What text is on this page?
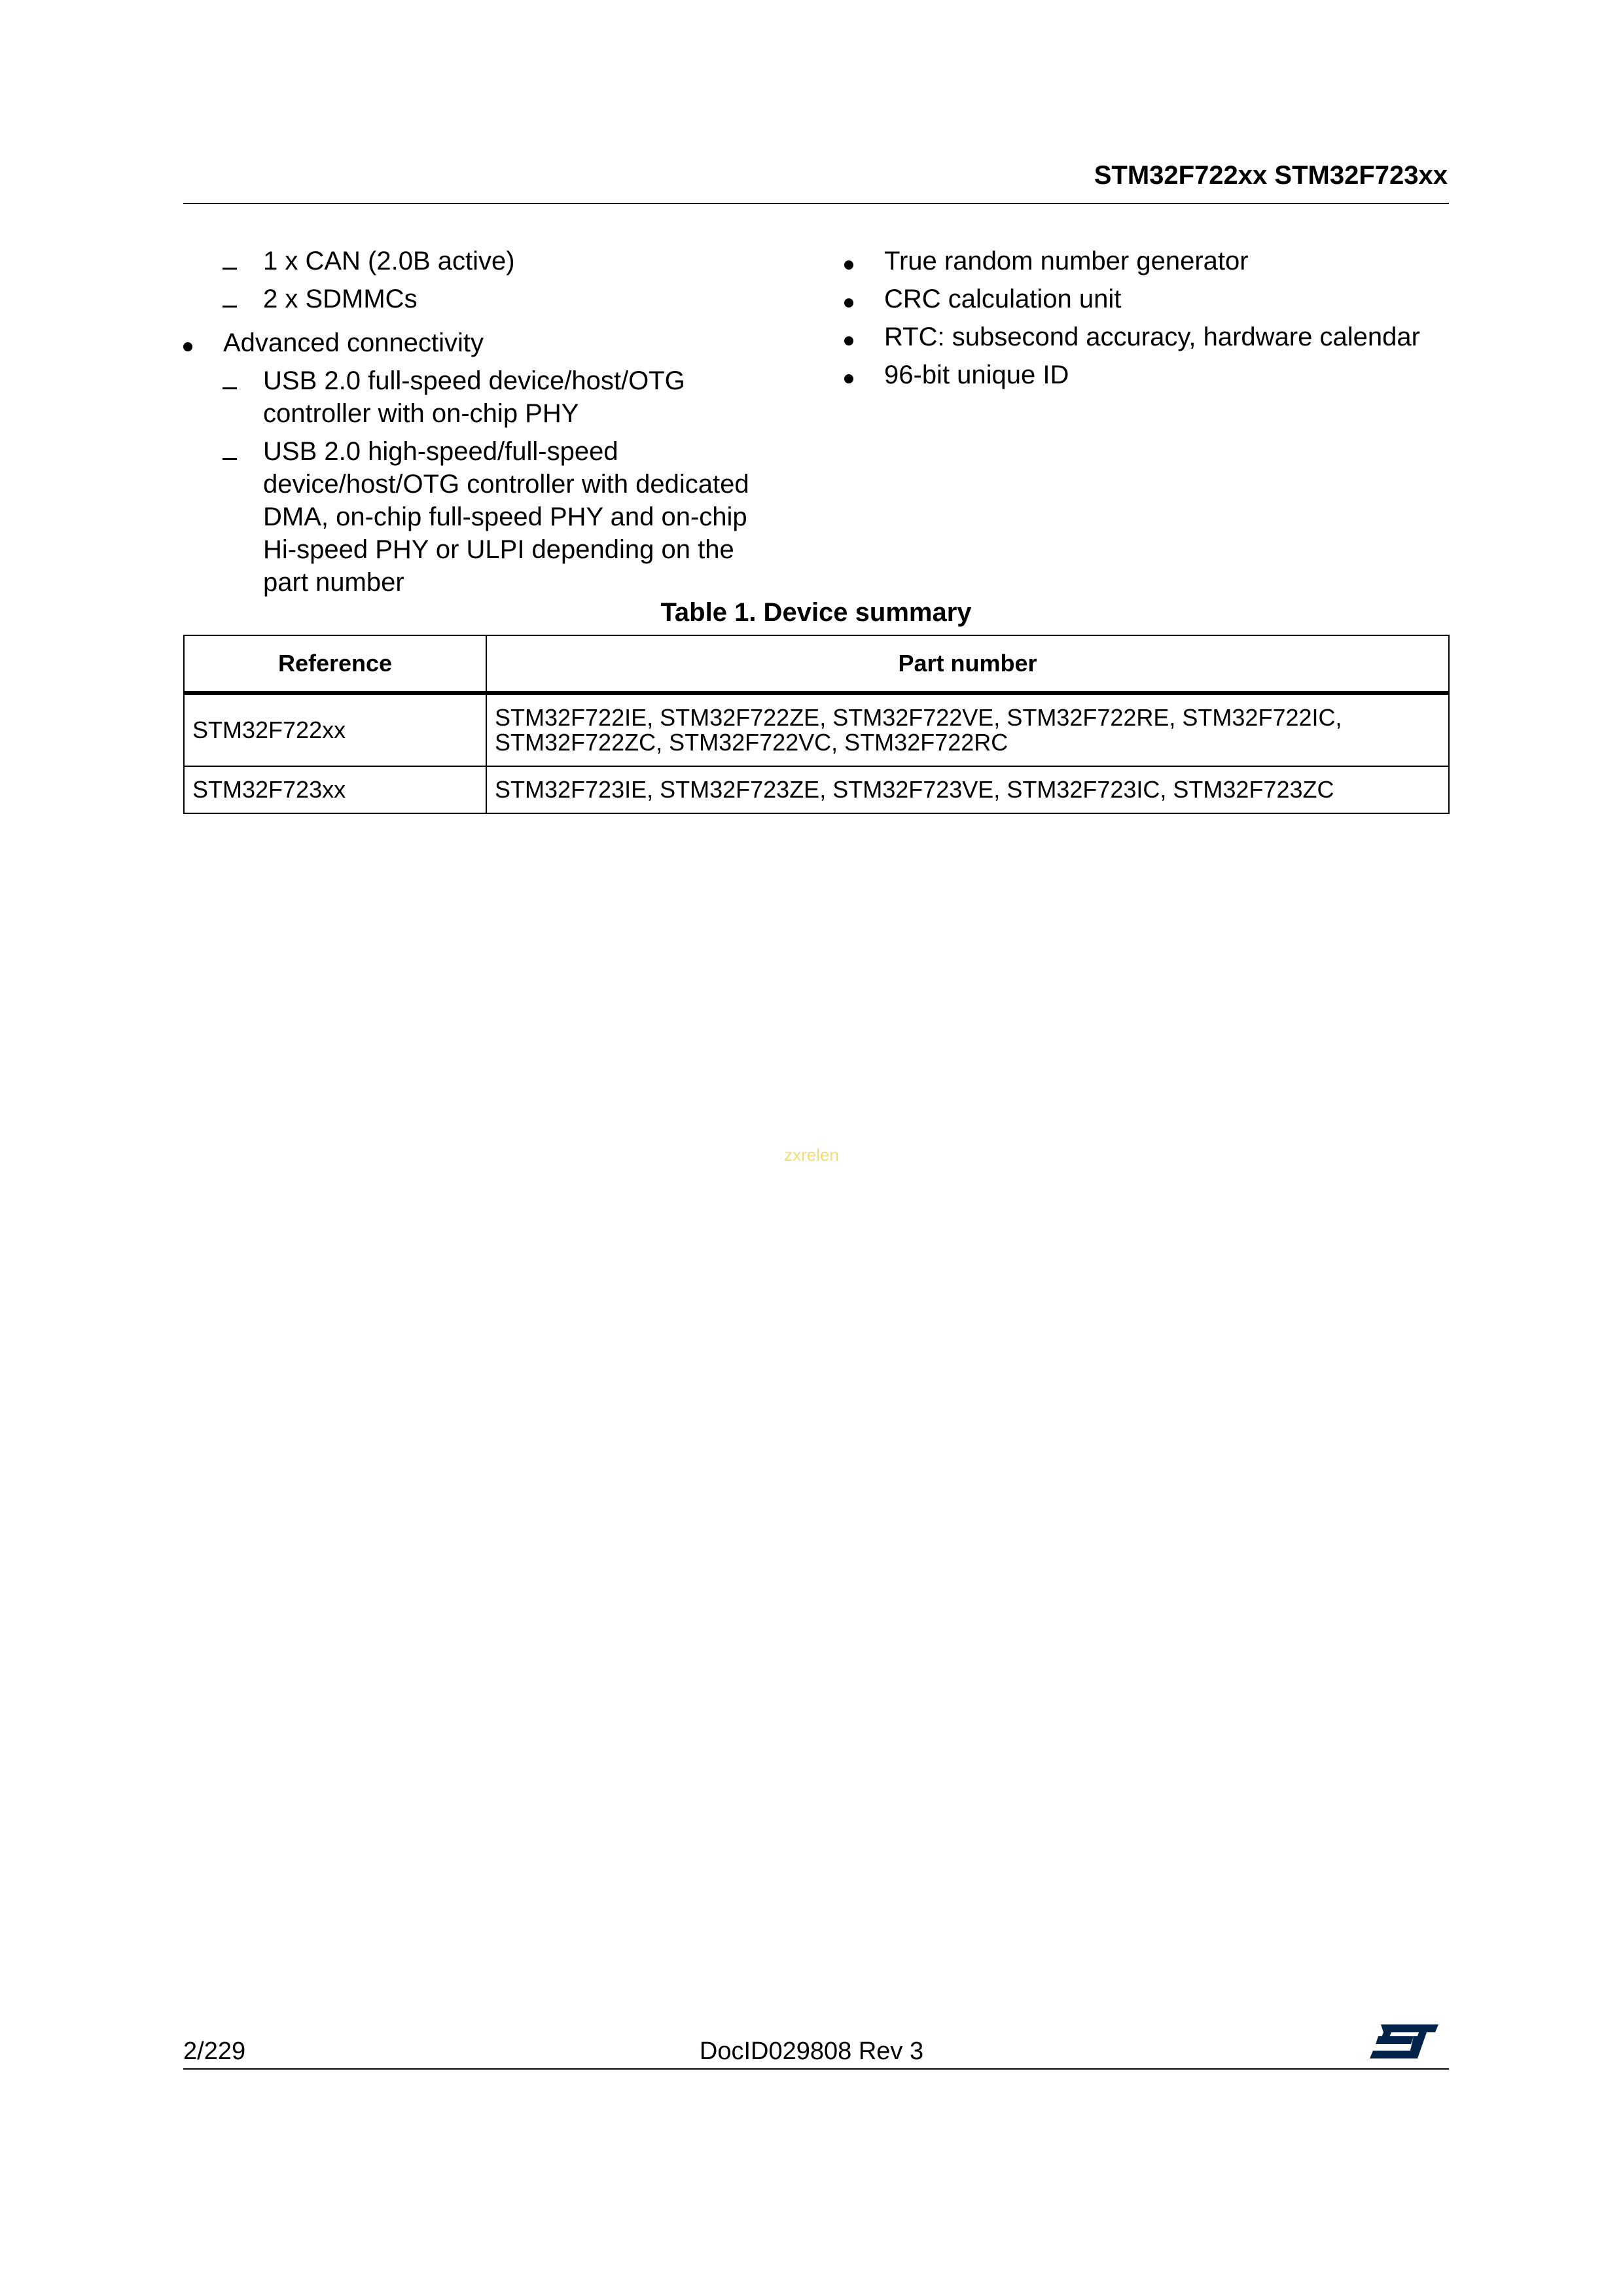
STM32F722xx STM32F723xx
1 x CAN (2.0B active)
2 x SDMMCs
Advanced connectivity
USB 2.0 full-speed device/host/OTG
controller with on-chip PHY
USB 2.0 high-speed/full-speed
device/host/OTG controller with dedicated
DMA, on-chip full-speed PHY and on-chip
Hi-speed PHY or ULPI depending on the
part number
True random number generator
CRC calculation unit
RTC: subsecond accuracy, hardware calendar
96-bit unique ID
Table 1. Device summary
Reference	Part number
STM32F722xx	STM32F722IE, STM32F722ZE, STM32F722VE, STM32F722RE, STM32F722IC,
STM32F722ZC, STM32F722VC, STM32F722RC

STM32F723xx	STM32F723IE, STM32F723ZE, STM32F723VE, STM32F723IC, STM32F723ZC
zxrelen
2/229	DocID029808 Rev 3
